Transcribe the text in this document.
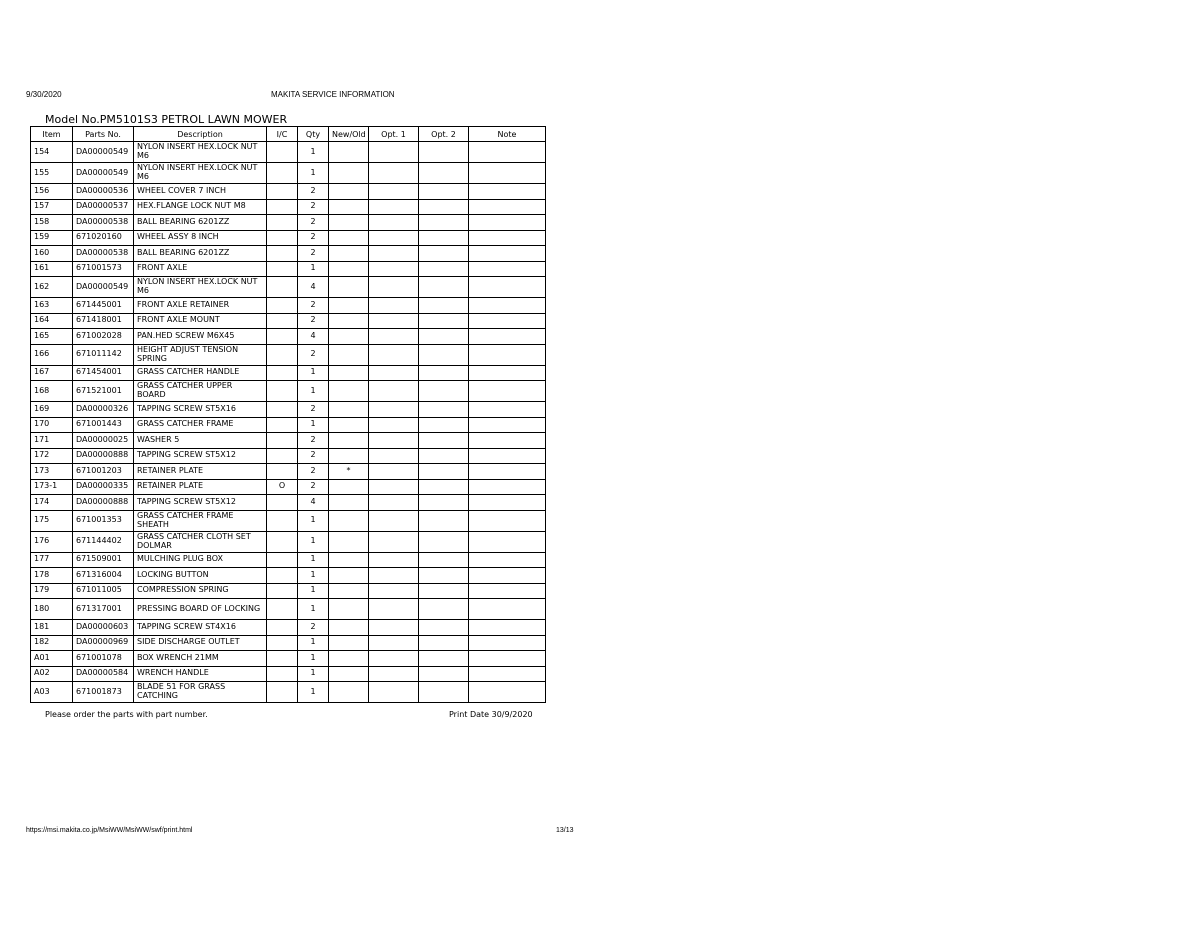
9/30/2020	MAKITA SERVICE INFORMATION
Model No.PM5101S3 PETROL LAWN MOWER
Item	Parts No.	Description	I/C	Qty	New/Old	Opt. 1	Opt. 2	Note
154	DA00000549	NYLON INSERT HEX.LOCK NUT M6		1				
155	DA00000549	NYLON INSERT HEX.LOCK NUT M6		1				
156	DA00000536	WHEEL COVER 7 INCH		2				
157	DA00000537	HEX.FLANGE LOCK NUT M8		2				
158	DA00000538	BALL BEARING 6201ZZ		2				
159	671020160	WHEEL ASSY 8 INCH		2				
160	DA00000538	BALL BEARING 6201ZZ		2				
161	671001573	FRONT AXLE		1				
162	DA00000549	NYLON INSERT HEX.LOCK NUT M6		4				
163	671445001	FRONT AXLE RETAINER		2				
164	671418001	FRONT AXLE MOUNT		2				
165	671002028	PAN.HED SCREW M6X45		4				
166	671011142	HEIGHT ADJUST TENSION SPRING		2				
167	671454001	GRASS CATCHER HANDLE		1				
168	671521001	GRASS CATCHER UPPER BOARD		1				
169	DA00000326	TAPPING SCREW ST5X16		2				
170	671001443	GRASS CATCHER FRAME		1				
171	DA00000025	WASHER 5		2				
172	DA00000888	TAPPING SCREW ST5X12		2				
173	671001203	RETAINER PLATE		2	*			
173-1	DA00000335	RETAINER PLATE	O	2				
174	DA00000888	TAPPING SCREW ST5X12		4				
175	671001353	GRASS CATCHER FRAME SHEATH		1				
176	671144402	GRASS CATCHER CLOTH SET DOLMAR		1				
177	671509001	MULCHING PLUG BOX		1				
178	671316004	LOCKING BUTTON		1				
179	671011005	COMPRESSION SPRING		1				
180	671317001	PRESSING BOARD OF LOCKING		1				
181	DA00000603	TAPPING SCREW ST4X16		2				
182	DA00000969	SIDE DISCHARGE OUTLET		1				
A01	671001078	BOX WRENCH 21MM		1				
A02	DA00000584	WRENCH HANDLE		1				
A03	671001873	BLADE 51 FOR GRASS CATCHING		1				
Please order the parts with part number.	Print Date 30/9/2020
https://msi.makita.co.jp/MsiWW/MsiWW/swf/print.html	13/13
